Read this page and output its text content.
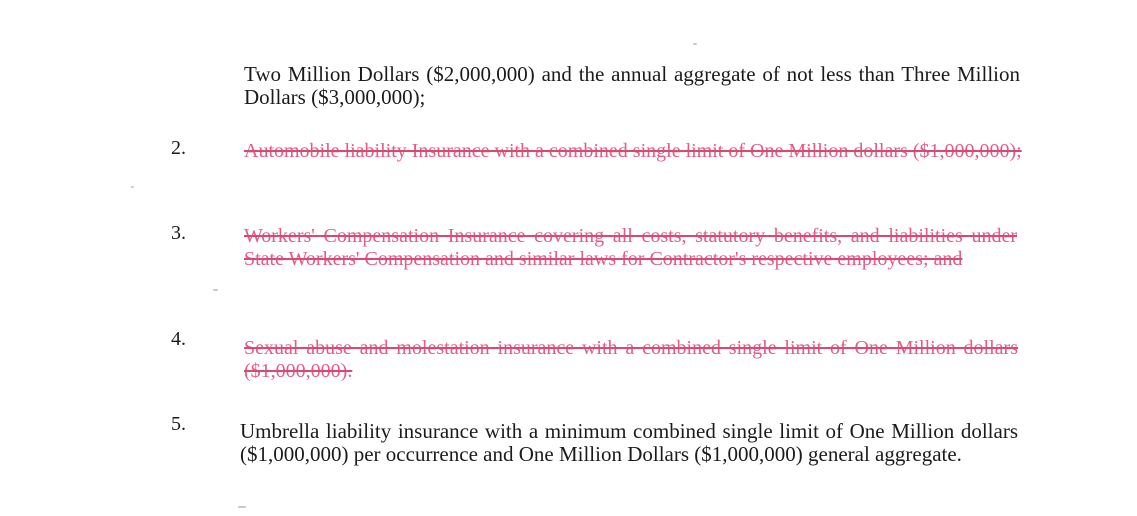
Two Million Dollars ($2,000,000) and the annual aggregate of not less than Three Million Dollars ($3,000,000);
2.	Automobile liability Insurance with a combined single limit of One Million dollars ($1,000,000);
3.	Workers' Compensation Insurance covering all costs, statutory benefits, and liabilities under State Workers' Compensation and similar laws for Contractor's respective employees; and
4.	Sexual abuse and molestation insurance with a combined single limit of One Million dollars ($1,000,000).
5.	Umbrella liability insurance with a minimum combined single limit of One Million dollars ($1,000,000) per occurrence and One Million Dollars ($1,000,000) general aggregate.
